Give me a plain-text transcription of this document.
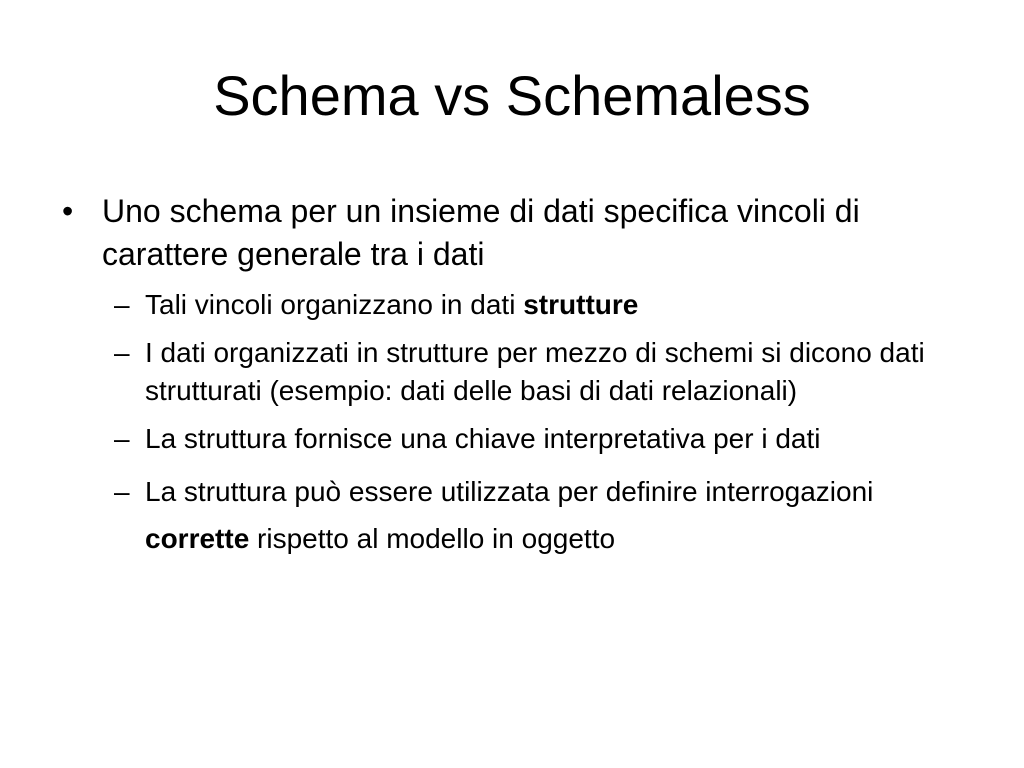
Schema vs Schemaless
• Uno schema per un insieme di dati specifica vincoli di carattere generale tra i dati
– Tali vincoli organizzano in dati strutture
– I dati organizzati in strutture per mezzo di schemi si dicono dati strutturati (esempio: dati delle basi di dati relazionali)
– La struttura fornisce una chiave interpretativa per i dati
– La struttura può essere utilizzata per definire interrogazioni corrette rispetto al modello in oggetto
